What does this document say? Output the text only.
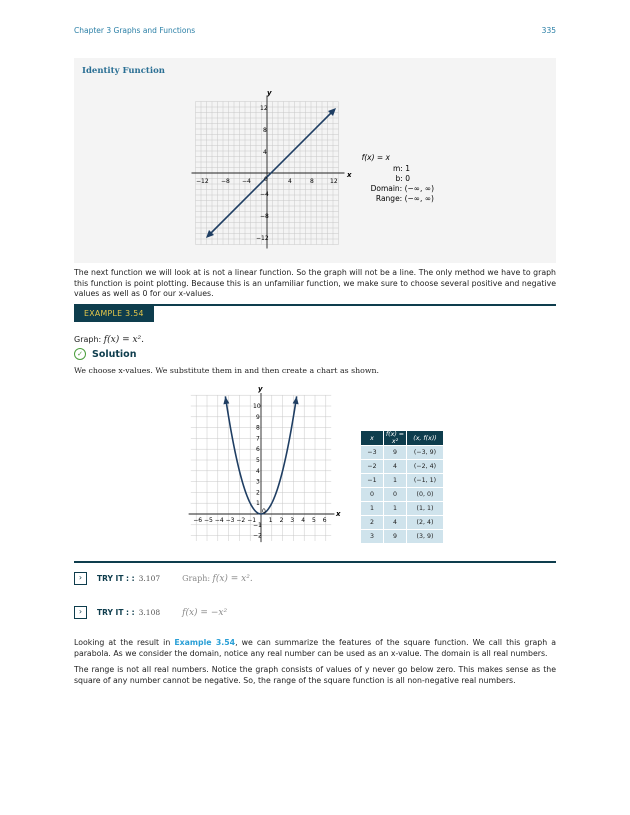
Chapter 3 Graphs and Functions	335
Identity Function
y
x
−12 −8 −4 0	4	8	12
12
8
4
−4
−8
−12
f(x) = x
m: 1
b: 0
Domain: (−∞, ∞)
Range: (−∞, ∞)
The next function we will look at is not a linear function. So the graph will not be a line. The only method we have to graph this function is point plotting. Because this is an unfamiliar function, we make sure to choose several positive and negative values as well as 0 for our x-values.
EXAMPLE 3.54
Graph: f(x) = x².
✓ Solution
We choose x-values. We substitute them in and then create a chart as shown.
−6 −5 −4 −3 −2 −1 1 2 3 4 5 6
10
9
8
7
6
5
4
3
2
1
−1
−2
0
y
x
x	f(x) = x²	(x, f(x))
−3	9	(−3, 9)
−2	4	(−2, 4)
−1	1	(−1, 1)
0	0	(0, 0)
1	1	(1, 1)
2	4	(2, 4)
3	9	(3, 9)
›	TRY IT : : 3.107	Graph:
f(x) = x².
›	TRY IT : : 3.108 f(x) = −x²
Looking at the result in Example 3.54, we can summarize the features of the square function. We call this graph a parabola. As we consider the domain, notice any real number can be used as an x-value. The domain is all real numbers.
The range is not all real numbers. Notice the graph consists of values of y never go below zero. This makes sense as the square of any number cannot be negative. So, the range of the square function is all non-negative real numbers.
